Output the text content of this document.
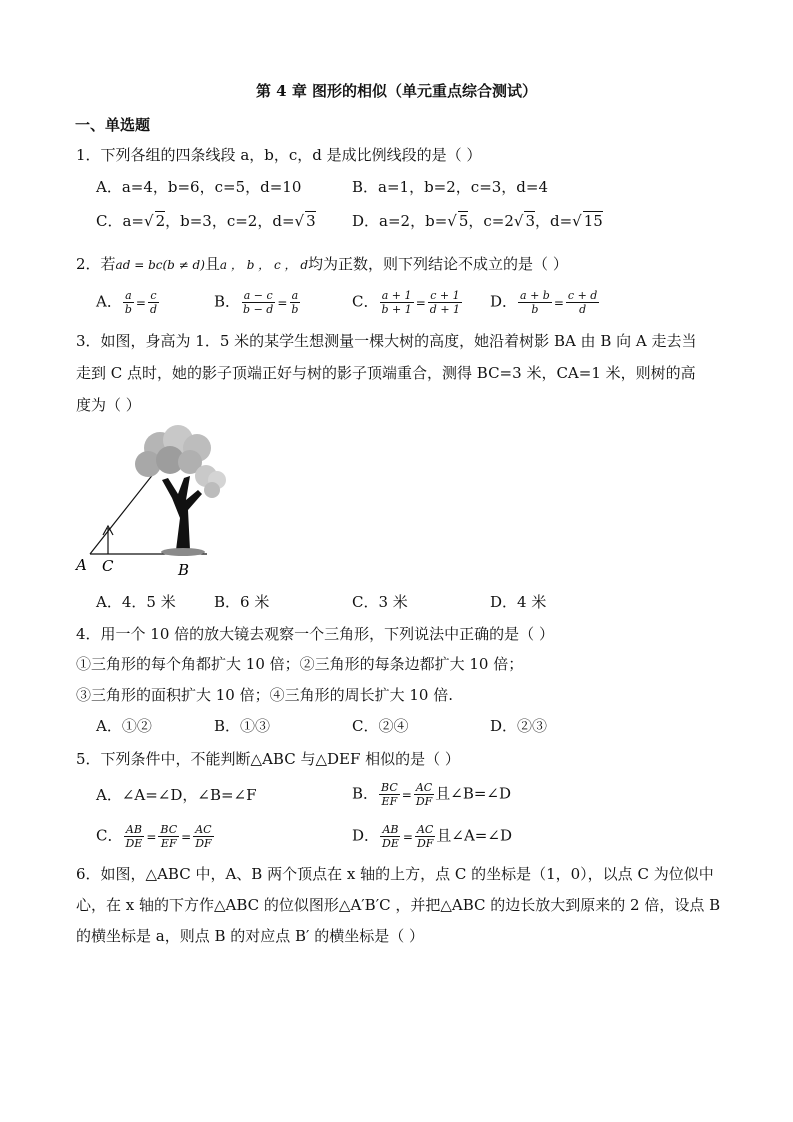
第 4 章 图形的相似（单元重点综合测试）
一、单选题
1．下列各组的四条线段 a，b，c，d 是成比例线段的是（ ）
A．a=4，b=6，c=5，d=10	B．a=1，b=2，c=3，d=4
C．a=√ 2，b=3，c=2，d=√ 3 D．a=2，b=√ 5，c=2√ 3，d=√ 15
2．若ad = bc(b ≠ d)且a ， b ， c ， d均为正数，则下列结论不成立的是（ ）
A． $\frac{a}{b} = \frac{c}{d}$	B． $\frac{a - c}{b - d} = \frac{a}{b}$	C． $\frac{a + 1}{b + 1} = \frac{c + 1}{d + 1}$ D． $\frac{a + b}{b} = \frac{c + d}{d}$
3．如图，身高为 1．5 米的某学生想测量一棵大树的高度，她沿着树影 BA 由 B 向 A 走去当
走到 C 点时，她的影子顶端正好与树的影子顶端重合，测得 BC=3 米，CA=1 米，则树的高
度为（ ）
A C	B
A．4．5 米	B．6 米	C．3 米	D．4 米
4．用一个 10 倍的放大镜去观察一个三角形，下列说法中正确的是（ ）
①三角形的每个角都扩大 10 倍；②三角形的每条边都扩大 10 倍；
③三角形的面积扩大 10 倍；④三角形的周长扩大 10 倍.
A．①②	B．①③	C．②④	D．②③
5．下列条件中，不能判断△ABC 与△DEF 相似的是（ ）
A．∠A=∠D，∠B=∠F	B． $\frac{BC}{EF} = \frac{AC}{DF}$ 且∠B=∠D
C． $\frac{AB}{DE} = \frac{BC}{EF} = \frac{AC}{DF}$	D． $\frac{AB}{DE} = \frac{AC}{DF}$ 且∠A=∠D
6．如图，△ABC 中，A、B 两个顶点在 x 轴的上方，点 C 的坐标是（1，0），以点 C 为位似中
心，在 x 轴的下方作△ABC 的位似图形△A′B′C ，并把△ABC 的边长放大到原来的 2 倍，设点 B
的横坐标是 a，则点 B 的对应点 B′ 的横坐标是（ ）
